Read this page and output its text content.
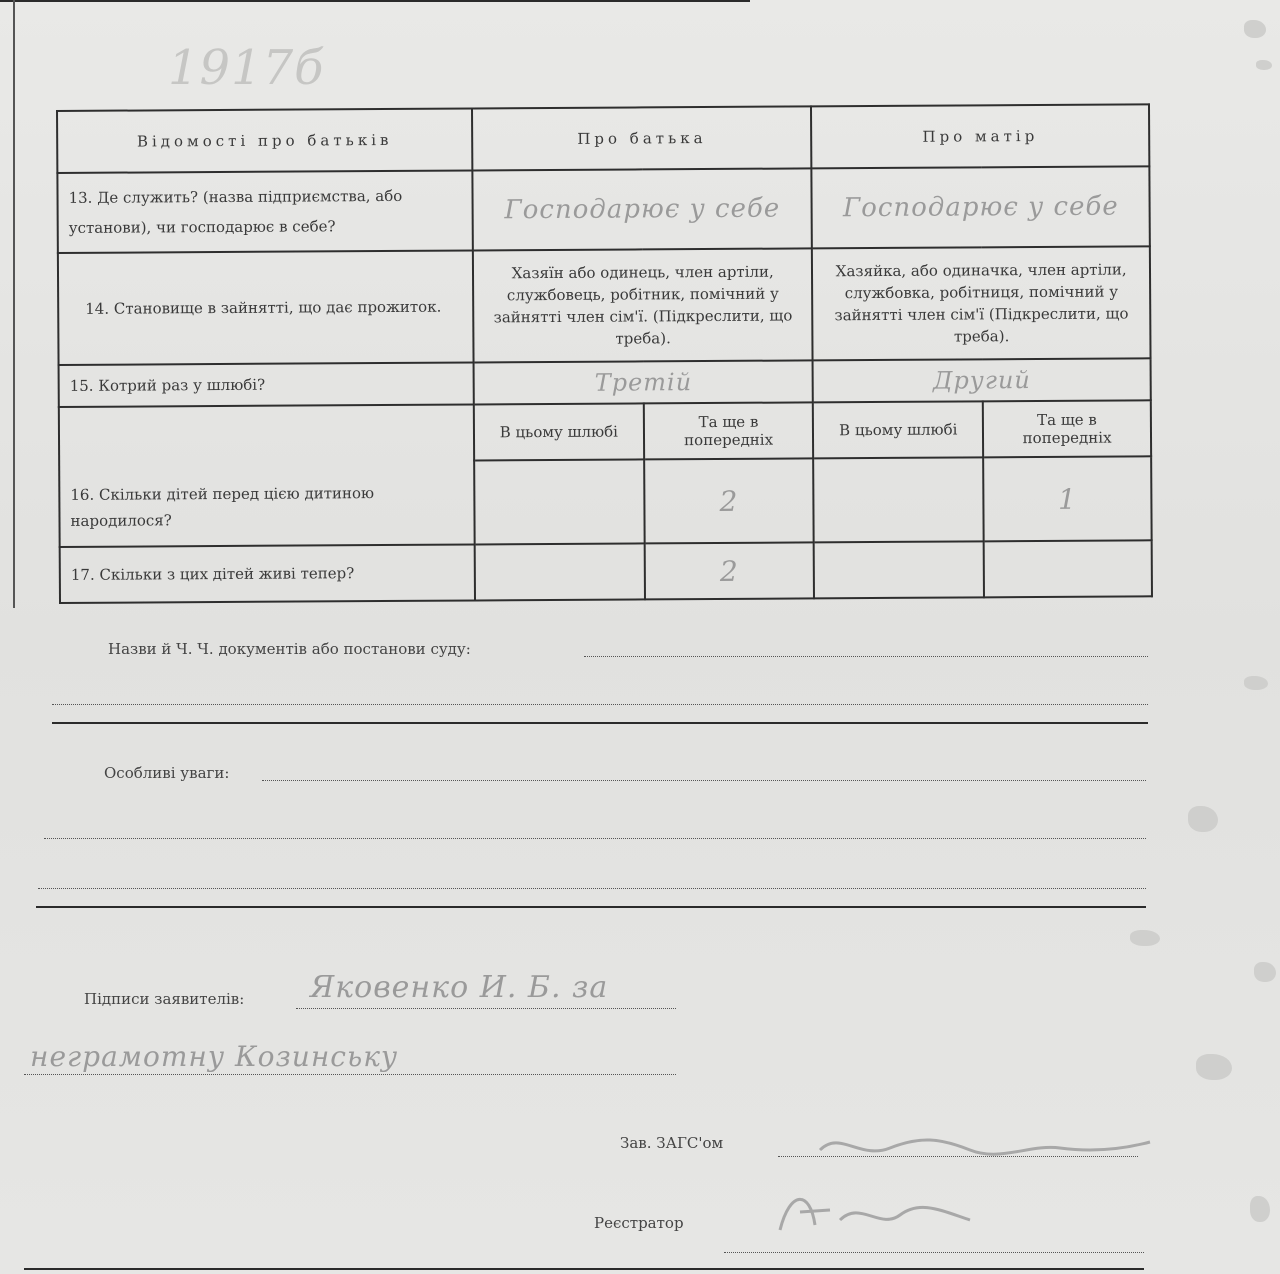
1917б
Відомості про батьків	Про батька		Про матір	
13. Де служить? (назва підприємства, або установи), чи господарює в себе?	Господарює у себе		Господарює у себе	
14. Становище в зайнятті, що дає прожиток.	Хазяїн або одинець, член артіли, службовець, робітник, помічний у зайнятті член сім'ї. (Підкреслити, що треба).		Хазяйка, або одиначка, член артіли, службовка, робітниця, помічний у зайнятті член сім'ї (Підкреслити, що треба).	
15. Котрий раз у шлюбі?	Третій		Другий	
16. Скільки дітей перед цією дитиною народилося?	В цьому шлюбі	Та ще в попередніх	В цьому шлюбі	Та ще в попередніх
		2		1
17. Скільки з цих дітей живі тепер?		2		
Назви й Ч. Ч. документів або постанови суду:
Особливі уваги:
Підписи заявителів: Яковенко И. Б. за
неграмотну Козинську
Зав. ЗАГС'ом
Реєстратор
